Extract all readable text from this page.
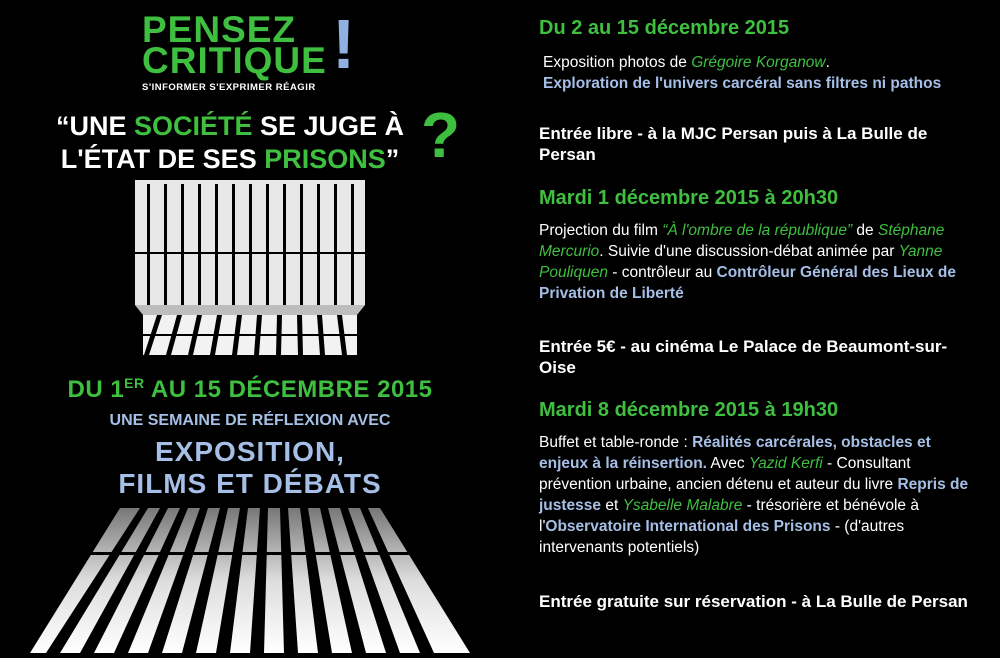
PENSEZ
CRITIQUE !
S'INFORMER S'EXPRIMER RÉAGIR
“UNE SOCIÉTÉ SE JUGE À
L'ÉTAT DE SES PRISONS” ?
DU 1ER AU 15 DÉCEMBRE 2015
UNE SEMAINE DE RÉFLEXION AVEC
EXPOSITION,
FILMS ET DÉBATS

Du 2 au 15 décembre 2015

Exposition photos de Grégoire Korganow.
Exploration de l'univers carcéral sans filtres ni pathos

Entrée libre - à la MJC Persan puis à La Bulle de Persan

Mardi 1 décembre 2015 à 20h30

Projection du film “À l'ombre de la république” de Stéphane Mercurio. Suivie d'une discussion-débat animée par Yanne Pouliquen - contrôleur au Contrôleur Général des Lieux de Privation de Liberté

Entrée 5€ - au cinéma Le Palace de Beaumont-sur-Oise

Mardi 8 décembre 2015 à 19h30

Buffet et table-ronde : Réalités carcérales, obstacles et enjeux à la réinsertion. Avec Yazid Kerfi - Consultant prévention urbaine, ancien détenu et auteur du livre Repris de justesse et Ysabelle Malabre - trésorière et bénévole à l'Observatoire International des Prisons - (d'autres intervenants potentiels)

Entrée gratuite sur réservation - à La Bulle de Persan
